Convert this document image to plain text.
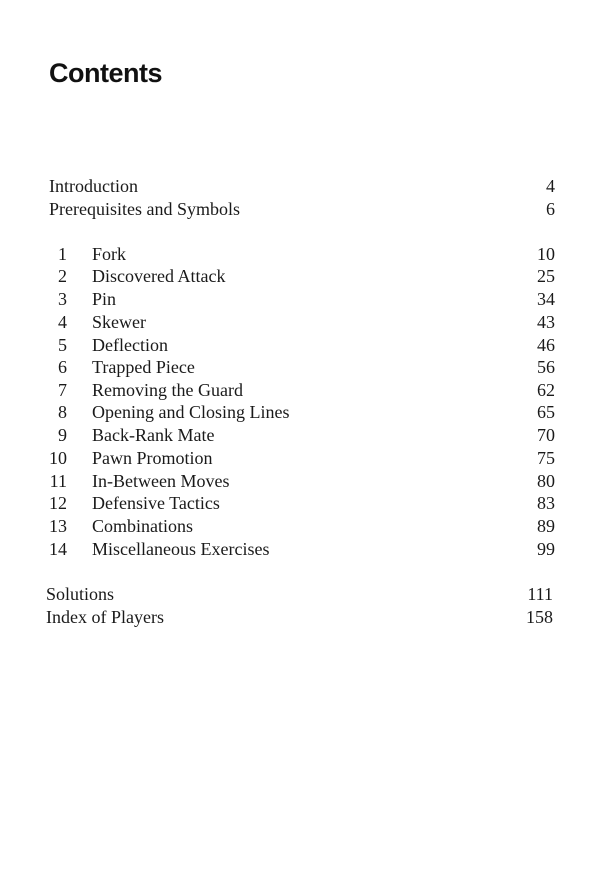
Contents
Introduction	4
Prerequisites and Symbols	6
1 Fork	10
2 Discovered Attack	25
3 Pin	34
4 Skewer	43
5 Deflection	46
6 Trapped Piece	56
7 Removing the Guard	62
8 Opening and Closing Lines	65
9 Back-Rank Mate	70
10 Pawn Promotion	75
11 In-Between Moves	80
12 Defensive Tactics	83
13 Combinations	89
14 Miscellaneous Exercises	99
Solutions	111
Index of Players	158
